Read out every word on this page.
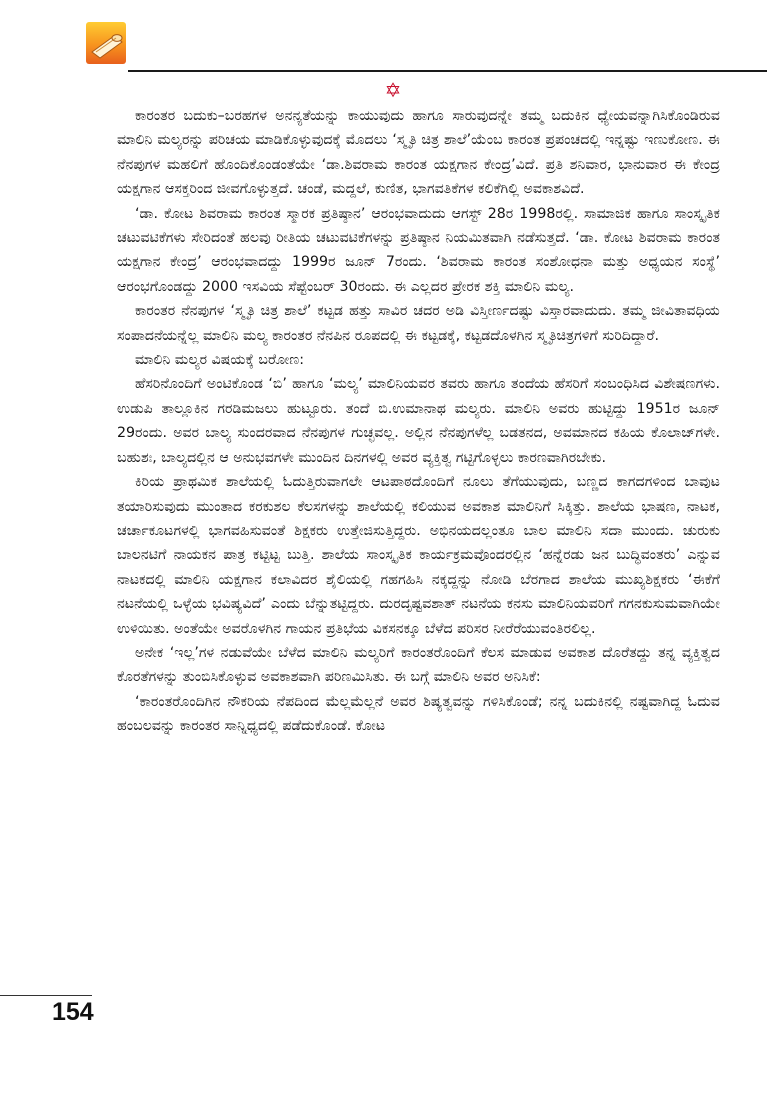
✡

ಕಾರಂತರ ಬದುಕು–ಬರಹಗಳ ಅನನ್ಯತೆಯನ್ನು ಕಾಯುವುದು ಹಾಗೂ ಸಾರುವುದನ್ನೇ ತಮ್ಮ ಬದುಕಿನ ಧ್ಯೇಯವನ್ನಾಗಿಸಿಕೊಂಡಿರುವ ಮಾಲಿನಿ ಮಲ್ಯರನ್ನು ಪರಿಚಯ ಮಾಡಿಕೊಳ್ಳುವುದಕ್ಕೆ ಮೊದಲು ‘ಸ್ಮೃತಿ ಚಿತ್ರ ಶಾಲೆ’ಯೆಂಬ ಕಾರಂತ ಪ್ರಪಂಚದಲ್ಲಿ ಇನ್ನಷ್ಟು ಇಣುಕೋಣ. ಈ ನೆನಪುಗಳ ಮಹಲಿಗೆ ಹೊಂದಿಕೊಂಡಂತೆಯೇ ‘ಡಾ.ಶಿವರಾಮ ಕಾರಂತ ಯಕ್ಷಗಾನ ಕೇಂದ್ರ’ವಿದೆ. ಪ್ರತಿ ಶನಿವಾರ, ಭಾನುವಾರ ಈ ಕೇಂದ್ರ ಯಕ್ಷಗಾನ ಆಸಕ್ತರಿಂದ ಜೀವಗೊಳ್ಳುತ್ತದೆ. ಚಂಡೆ, ಮದ್ದಲೆ, ಕುಣಿತ, ಭಾಗವತಿಕೆಗಳ ಕಲಿಕೆಗಿಲ್ಲಿ ಅವಕಾಶವಿದೆ.

‘ಡಾ. ಕೋಟ ಶಿವರಾಮ ಕಾರಂತ ಸ್ಮಾರಕ ಪ್ರತಿಷ್ಠಾನ’ ಆರಂಭವಾದುದು ಆಗಸ್ಟ್ 28ರ 1998ರಲ್ಲಿ. ಸಾಮಾಜಿಕ ಹಾಗೂ ಸಾಂಸ್ಕೃತಿಕ ಚಟುವಟಿಕೆಗಳು ಸೇರಿದಂತೆ ಹಲವು ರೀತಿಯ ಚಟುವಟಿಕೆಗಳನ್ನು ಪ್ರತಿಷ್ಠಾನ ನಿಯಮಿತವಾಗಿ ನಡೆಸುತ್ತದೆ. ‘ಡಾ. ಕೋಟ ಶಿವರಾಮ ಕಾರಂತ ಯಕ್ಷಗಾನ ಕೇಂದ್ರ’ ಆರಂಭವಾದದ್ದು 1999ರ ಜೂನ್ 7ರಂದು. ‘ಶಿವರಾಮ ಕಾರಂತ ಸಂಶೋಧನಾ ಮತ್ತು ಅಧ್ಯಯನ ಸಂಸ್ಥೆ’ ಆರಂಭಗೊಂಡದ್ದು 2000 ಇಸವಿಯ ಸೆಪ್ಟೆಂಬರ್ 30ರಂದು. ಈ ಎಲ್ಲದರ ಪ್ರೇರಕ ಶಕ್ತಿ ಮಾಲಿನಿ ಮಲ್ಯ.

ಕಾರಂತರ ನೆನಪುಗಳ ‘ಸ್ಮೃತಿ ಚಿತ್ರ ಶಾಲೆ’ ಕಟ್ಟಡ ಹತ್ತು ಸಾವಿರ ಚದರ ಅಡಿ ವಿಸ್ತೀರ್ಣದಷ್ಟು ವಿಸ್ತಾರವಾದುದು. ತಮ್ಮ ಜೀವಿತಾವಧಿಯ ಸಂಪಾದನೆಯನ್ನೆಲ್ಲ ಮಾಲಿನಿ ಮಲ್ಯ ಕಾರಂತರ ನೆನಪಿನ ರೂಪದಲ್ಲಿ ಈ ಕಟ್ಟಡಕ್ಕೆ, ಕಟ್ಟಡದೊಳಗಿನ ಸ್ಮೃತಿಚಿತ್ರಗಳಿಗೆ ಸುರಿದಿದ್ದಾರೆ.

ಮಾಲಿನಿ ಮಲ್ಯರ ವಿಷಯಕ್ಕೆ ಬರೋಣ:

ಹೆಸರಿನೊಂದಿಗೆ ಅಂಟಿಕೊಂಡ ‘ಬಿ’ ಹಾಗೂ ‘ಮಲ್ಯ’ ಮಾಲಿನಿಯವರ ತವರು ಹಾಗೂ ತಂದೆಯ ಹೆಸರಿಗೆ ಸಂಬಂಧಿಸಿದ ವಿಶೇಷಣಗಳು. ಉಡುಪಿ ತಾಲ್ಲೂಕಿನ ಗರಡಿಮಜಲು ಹುಟ್ಟೂರು. ತಂದೆ ಬಿ.ಉಮಾನಾಥ ಮಲ್ಯರು. ಮಾಲಿನಿ ಅವರು ಹುಟ್ಟಿದ್ದು 1951ರ ಜೂನ್ 29ರಂದು. ಅವರ ಬಾಲ್ಯ ಸುಂದರವಾದ ನೆನಪುಗಳ ಗುಚ್ಛವಲ್ಲ. ಅಲ್ಲಿನ ನೆನಪುಗಳೆಲ್ಲ ಬಡತನದ, ಅವಮಾನದ ಕಹಿಯ ಕೊಲಾಜ್‌ಗಳೇ. ಬಹುಶಃ, ಬಾಲ್ಯದಲ್ಲಿನ ಆ ಅನುಭವಗಳೇ ಮುಂದಿನ ದಿನಗಳಲ್ಲಿ ಅವರ ವ್ಯಕ್ತಿತ್ವ ಗಟ್ಟಿಗೊಳ್ಳಲು ಕಾರಣವಾಗಿರಬೇಕು.

ಕಿರಿಯ ಪ್ರಾಥಮಿಕ ಶಾಲೆಯಲ್ಲಿ ಓದುತ್ತಿರುವಾಗಲೇ ಆಟಪಾಠದೊಂದಿಗೆ ನೂಲು ತೆಗೆಯುವುದು, ಬಣ್ಣದ ಕಾಗದಗಳಿಂದ ಬಾವುಟ ತಯಾರಿಸುವುದು ಮುಂತಾದ ಕರಕುಶಲ ಕೆಲಸಗಳನ್ನು ಶಾಲೆಯಲ್ಲಿ ಕಲಿಯುವ ಅವಕಾಶ ಮಾಲಿನಿಗೆ ಸಿಕ್ಕಿತ್ತು. ಶಾಲೆಯ ಭಾಷಣ, ನಾಟಕ, ಚರ್ಚಾಕೂಟಗಳಲ್ಲಿ ಭಾಗವಹಿಸುವಂತೆ ಶಿಕ್ಷಕರು ಉತ್ತೇಜಿಸುತ್ತಿದ್ದರು. ಅಭಿನಯದಲ್ಲಂತೂ ಬಾಲ ಮಾಲಿನಿ ಸದಾ ಮುಂದು. ಚುರುಕು ಬಾಲನಟಿಗೆ ನಾಯಕನ ಪಾತ್ರ ಕಟ್ಟಿಟ್ಟ ಬುತ್ತಿ. ಶಾಲೆಯ ಸಾಂಸ್ಕೃತಿಕ ಕಾರ್ಯಕ್ರಮವೊಂದರಲ್ಲಿನ ‘ಹನ್ನೆರಡು ಜನ ಬುದ್ಧಿವಂತರು’ ಎನ್ನುವ ನಾಟಕದಲ್ಲಿ ಮಾಲಿನಿ ಯಕ್ಷಗಾನ ಕಲಾವಿದರ ಶೈಲಿಯಲ್ಲಿ ಗಹಗಹಿಸಿ ನಕ್ಕದ್ದನ್ನು ನೋಡಿ ಬೆರಗಾದ ಶಾಲೆಯ ಮುಖ್ಯಶಿಕ್ಷಕರು ‘ಈಕೆಗೆ ನಟನೆಯಲ್ಲಿ ಒಳ್ಳೆಯ ಭವಿಷ್ಯವಿದೆ’ ಎಂದು ಬೆನ್ನುತಟ್ಟಿದ್ದರು. ದುರದೃಷ್ಟವಶಾತ್ ನಟನೆಯ ಕನಸು ಮಾಲಿನಿಯವರಿಗೆ ಗಗನಕುಸುಮವಾಗಿಯೇ ಉಳಿಯಿತು. ಅಂತೆಯೇ ಅವರೊಳಗಿನ ಗಾಯನ ಪ್ರತಿಭೆಯ ವಿಕಸನಕ್ಕೂ ಬೆಳೆದ ಪರಿಸರ ನೀರೆರೆಯುವಂತಿರಲಿಲ್ಲ.

ಅನೇಕ ‘ಇಲ್ಲ’ಗಳ ನಡುವೆಯೇ ಬೆಳೆದ ಮಾಲಿನಿ ಮಲ್ಯರಿಗೆ ಕಾರಂತರೊಂದಿಗೆ ಕೆಲಸ ಮಾಡುವ ಅವಕಾಶ ದೊರೆತದ್ದು ತನ್ನ ವ್ಯಕ್ತಿತ್ವದ ಕೊರತೆಗಳನ್ನು ತುಂಬಿಸಿಕೊಳ್ಳುವ ಅವಕಾಶವಾಗಿ ಪರಿಣಮಿಸಿತು. ಈ ಬಗ್ಗೆ ಮಾಲಿನಿ ಅವರ ಅನಿಸಿಕೆ:

‘ಕಾರಂತರೊಂದಿಗಿನ ನೌಕರಿಯ ನೆಪದಿಂದ ಮೆಲ್ಲಮೆಲ್ಲನೆ ಅವರ ಶಿಷ್ಯತ್ವವನ್ನು ಗಳಿಸಿಕೊಂಡೆ; ನನ್ನ ಬದುಕಿನಲ್ಲಿ ನಷ್ಟವಾಗಿದ್ದ ಓದುವ ಹಂಬಲವನ್ನು ಕಾರಂತರ ಸಾನ್ನಿಧ್ಯದಲ್ಲಿ ಪಡೆದುಕೊಂಡೆ. ಕೋಟ

154
